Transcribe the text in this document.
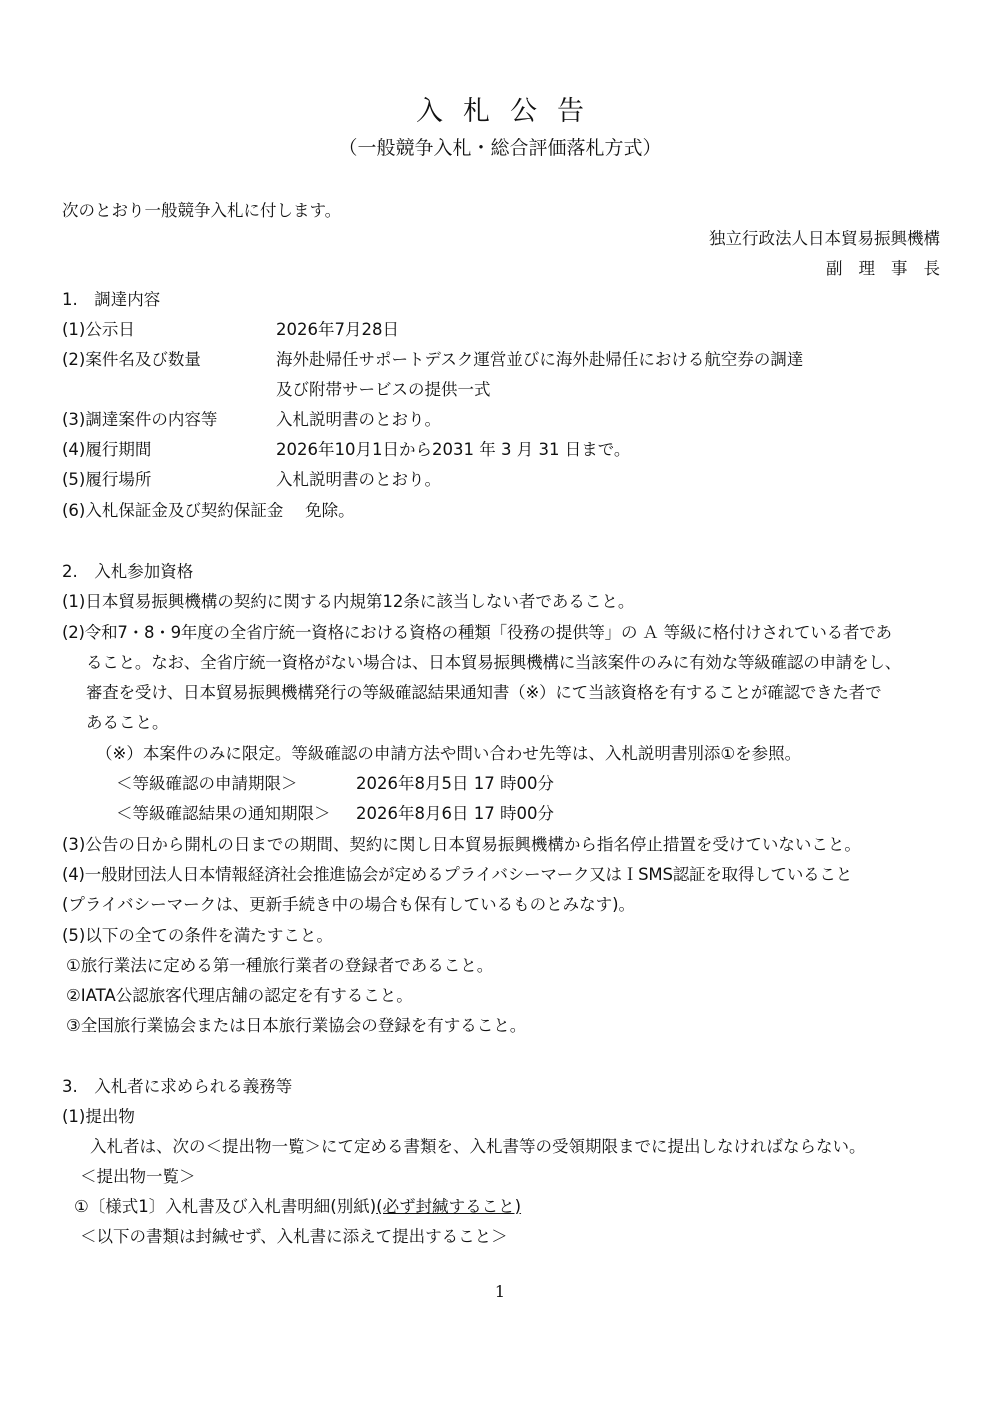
入札公告
（一般競争入札・総合評価落札方式）
次のとおり一般競争入札に付します。
独立行政法人日本貿易振興機構
副理事長
1.　調達内容
(1)公示日	2026年7月28日
(2)案件名及び数量	海外赴帰任サポートデスク運営並びに海外赴帰任における航空券の調達
及び附帯サービスの提供一式
(3)調達案件の内容等	入札説明書のとおり。
(4)履行期間	2026年10月1日から2031 年 3 月 31 日まで。
(5)履行場所	入札説明書のとおり。
(6)入札保証金及び契約保証金　 免除。
2.　入札参加資格
(1)日本貿易振興機構の契約に関する内規第12条に該当しない者であること。
(2)令和7・8・9年度の全省庁統一資格における資格の種類「役務の提供等」の Ａ 等級に格付けされている者であ
ること。なお、全省庁統一資格がない場合は、日本貿易振興機構に当該案件のみに有効な等級確認の申請をし、
審査を受け、日本貿易振興機構発行の等級確認結果通知書（※）にて当該資格を有することが確認できた者で
あること。
（※）本案件のみに限定。等級確認の申請方法や問い合わせ先等は、入札説明書別添①を参照。
＜等級確認の申請期限＞	2026年8月5日 17 時00分
＜等級確認結果の通知期限＞ 2026年8月6日 17 時00分
(3)公告の日から開札の日までの期間、契約に関し日本貿易振興機構から指名停止措置を受けていないこと。
(4)一般財団法人日本情報経済社会推進協会が定めるプライバシーマーク又はＩSMS認証を取得していること
(プライバシーマークは、更新手続き中の場合も保有しているものとみなす)。
(5)以下の全ての条件を満たすこと。
①旅行業法に定める第一種旅行業者の登録者であること。
②IATA公認旅客代理店舗の認定を有すること。
③全国旅行業協会または日本旅行業協会の登録を有すること。
3.　入札者に求められる義務等
(1)提出物
入札者は、次の＜提出物一覧＞にて定める書類を、入札書等の受領期限までに提出しなければならない。
＜提出物一覧＞
①〔様式1〕入札書及び入札書明細(別紙)(必ず封緘すること)
＜以下の書類は封緘せず、入札書に添えて提出すること＞
1
